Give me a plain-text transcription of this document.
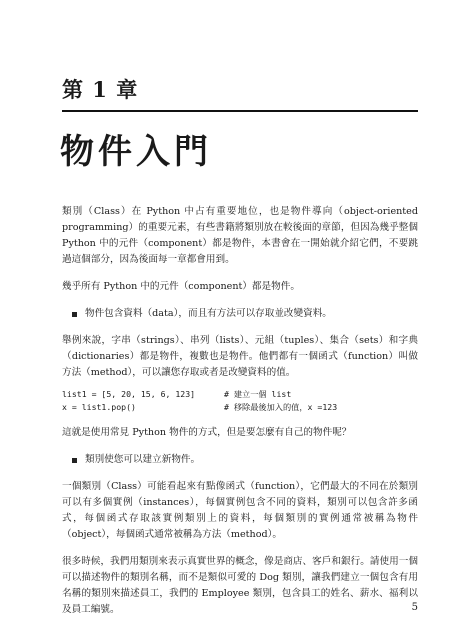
第 1 章
物件入門

類別（Class）在 Python 中占有重要地位，也是物件導向（object-oriented programming）的重要元素，有些書籍將類別放在較後面的章節，但因為幾乎整個 Python 中的元件（component）都是物件，本書會在一開始就介紹它們，不要跳過這個部分，因為後面每一章都會用到。

幾乎所有 Python 中的元件（component）都是物件。

物件包含資料（data），而且有方法可以存取並改變資料。

舉例來說，字串（strings）、串列（lists）、元組（tuples）、集合（sets）和字典（dictionaries）都是物件，複數也是物件。他們都有一個函式（function）叫做方法（method），可以讓您存取或者是改變資料的值。

list1 = [5, 20, 15, 6, 123]	# 建立一個 list
x = list1.pop()	# 移除最後加入的值，x =123

這就是使用常見 Python 物件的方式，但是要怎麼有自己的物件呢？

類別使您可以建立新物件。

一個類別（Class）可能看起來有點像函式（function），它們最大的不同在於類別可以有多個實例（instances），每個實例包含不同的資料，類別可以包含許多函式，每個函式存取該實例類別上的資料，每個類別的實例通常被稱為物件（object），每個函式通常被稱為方法（method）。

很多時候，我們用類別來表示真實世界的概念，像是商店、客戶和銀行。請使用一個可以描述物件的類別名稱，而不是類似可愛的 Dog 類別，讓我們建立一個包含有用名稱的類別來描述員工，我們的 Employee 類別，包含員工的姓名、薪水、福利以及員工編號。	5
